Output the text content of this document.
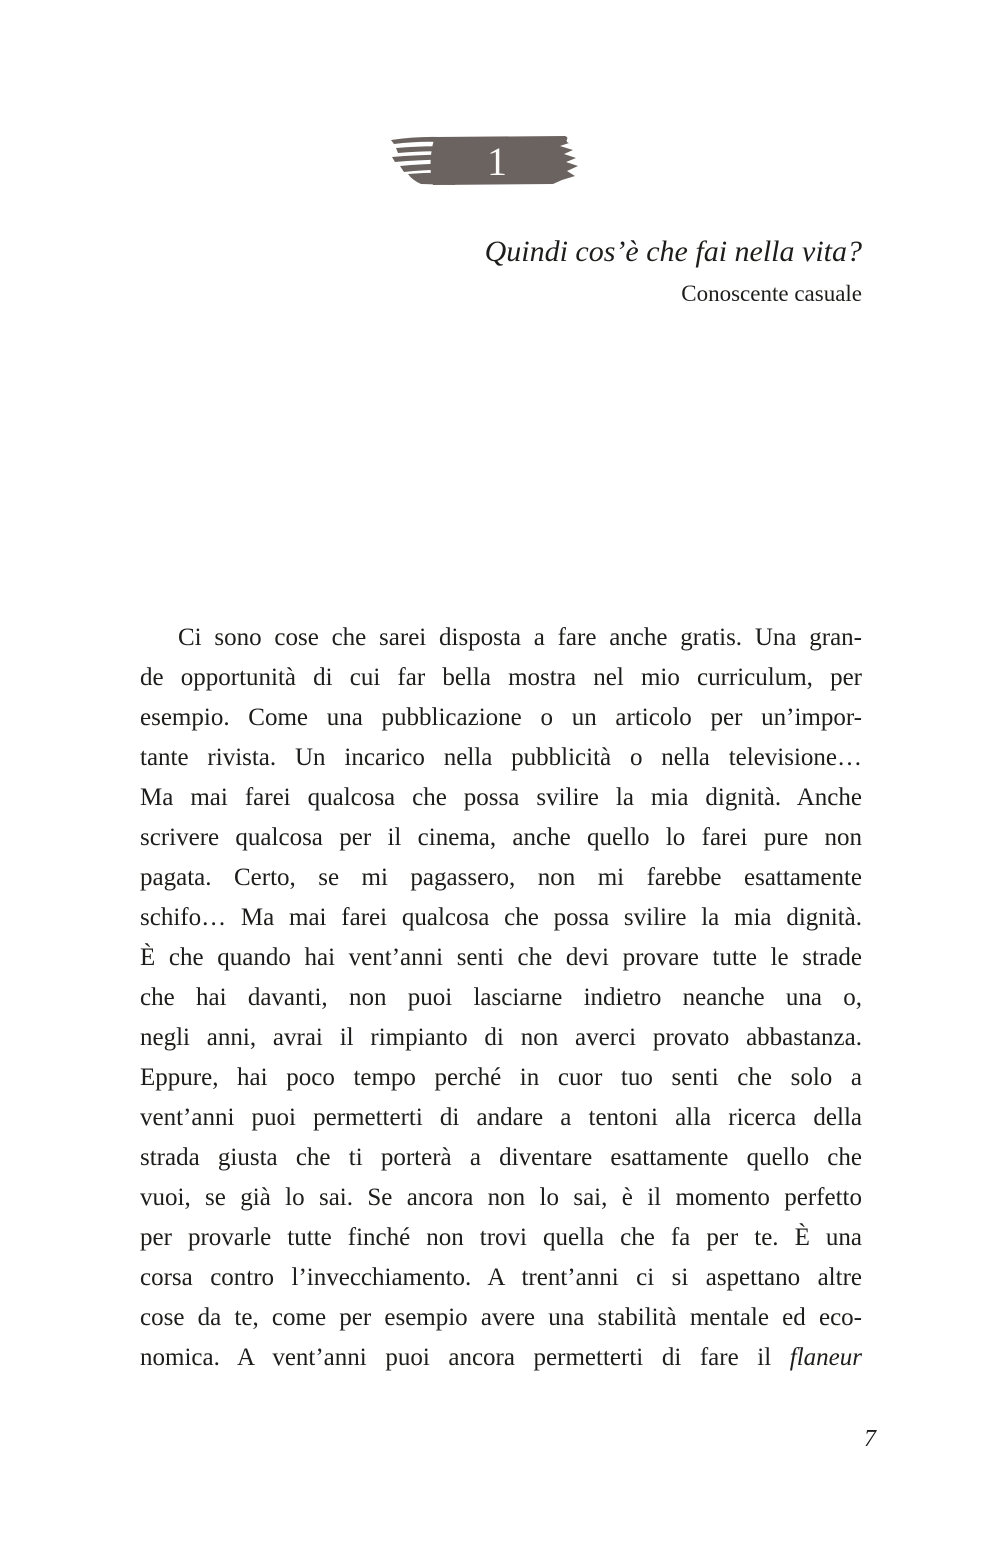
1
Quindi cos’è che fai nella vita?
Conoscente casuale
Ci sono cose che sarei disposta a fare anche gratis. Una gran-
de opportunità di cui far bella mostra nel mio curriculum, per
esempio. Come una pubblicazione o un articolo per un’impor-
tante rivista. Un incarico nella pubblicità o nella televisione…
Ma mai farei qualcosa che possa svilire la mia dignità. Anche
scrivere qualcosa per il cinema, anche quello lo farei pure non
pagata. Certo, se mi pagassero, non mi farebbe esattamente
schifo… Ma mai farei qualcosa che possa svilire la mia dignità.
È che quando hai vent’anni senti che devi provare tutte le strade
che hai davanti, non puoi lasciarne indietro neanche una o,
negli anni, avrai il rimpianto di non averci provato abbastanza.
Eppure, hai poco tempo perché in cuor tuo senti che solo a
vent’anni puoi permetterti di andare a tentoni alla ricerca della
strada giusta che ti porterà a diventare esattamente quello che
vuoi, se già lo sai. Se ancora non lo sai, è il momento perfetto
per provarle tutte finché non trovi quella che fa per te. È una
corsa contro l’invecchiamento. A trent’anni ci si aspettano altre
cose da te, come per esempio avere una stabilità mentale ed eco-
nomica. A vent’anni puoi ancora permetterti di fare il flaneur
7
